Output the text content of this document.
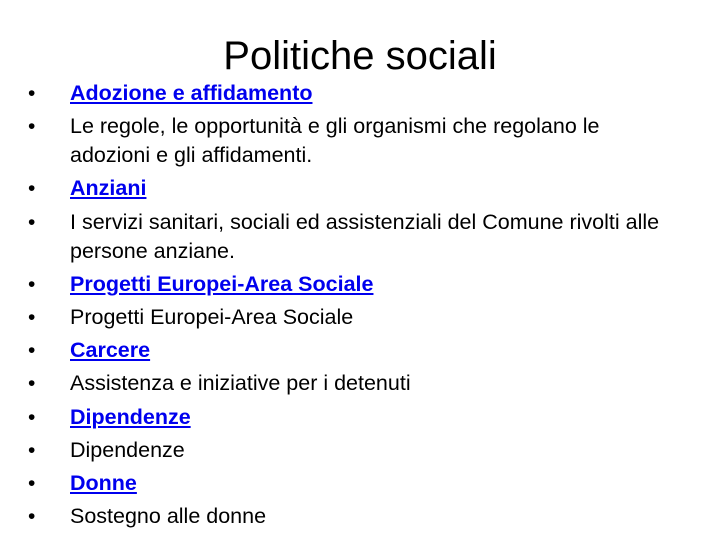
Politiche sociali
• Adozione e affidamento
• Le regole, le opportunità e gli organismi che regolano le adozioni e gli affidamenti.
• Anziani
• I servizi sanitari, sociali ed assistenziali del Comune rivolti alle persone anziane.
• Progetti Europei-Area Sociale
• Progetti Europei-Area Sociale
• Carcere
• Assistenza e iniziative per i detenuti
• Dipendenze
• Dipendenze
• Donne
• Sostegno alle donne
